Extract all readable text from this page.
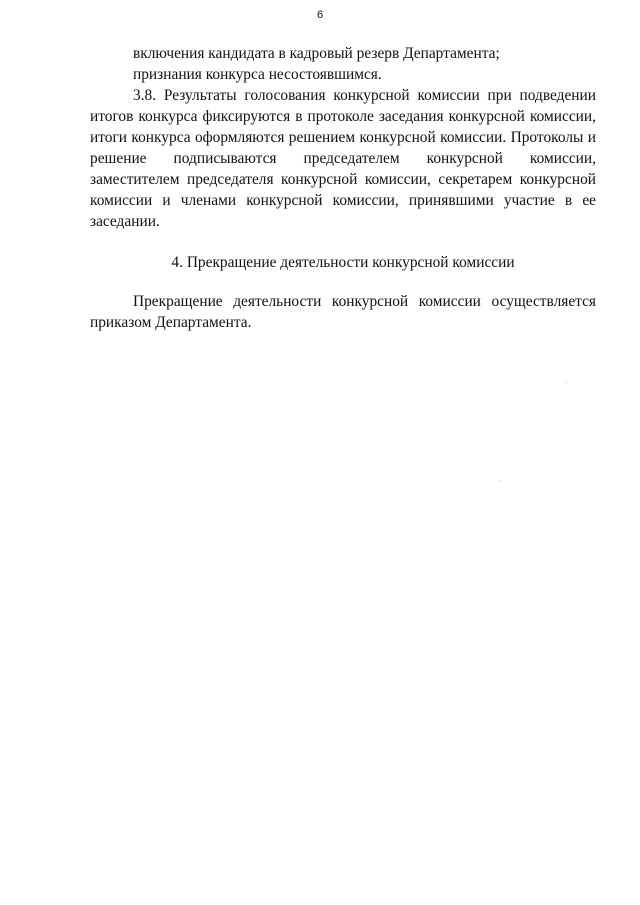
6

включения кандидата в кадровый резерв Департамента;

признания конкурса несостоявшимся.

3.8. Результаты голосования конкурсной комиссии при подведении итогов конкурса фиксируются в протоколе заседания конкурсной комиссии, итоги конкурса оформляются решением конкурсной комиссии. Протоколы и решение подписываются председателем конкурсной комиссии, заместителем председателя конкурсной комиссии, секретарем конкурсной комиссии и членами конкурсной комиссии, принявшими участие в ее заседании.

4. Прекращение деятельности конкурсной комиссии

Прекращение деятельности конкурсной комиссии осуществляется приказом Департамента.
